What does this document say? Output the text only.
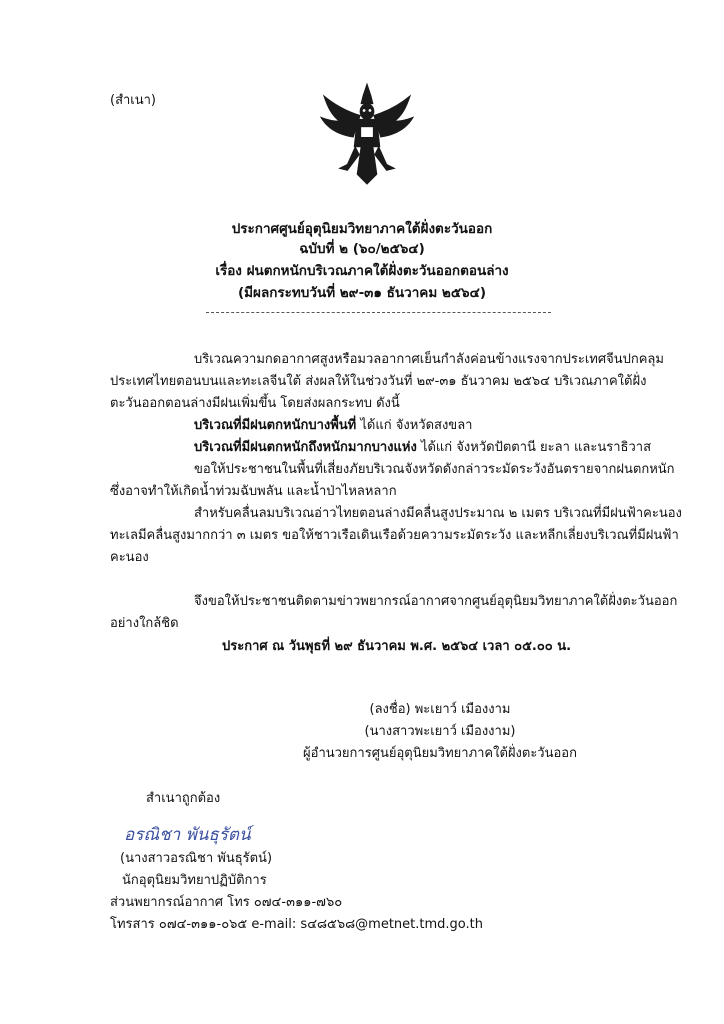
(สำเนา)
ประกาศศูนย์อุตุนิยมวิทยาภาคใต้ฝั่งตะวันออก
ฉบับที่ ๒ (๖๐/๒๕๖๔)
เรื่อง ฝนตกหนักบริเวณภาคใต้ฝั่งตะวันออกตอนล่าง
(มีผลกระทบวันที่ ๒๙-๓๑ ธันวาคม ๒๕๖๔)
บริเวณความกดอากาศสูงหรือมวลอากาศเย็นกำลังค่อนข้างแรงจากประเทศจีนปกคลุม
ประเทศไทยตอนบนและทะเลจีนใต้ ส่งผลให้ในช่วงวันที่ ๒๙-๓๑ ธันวาคม ๒๕๖๔ บริเวณภาคใต้ฝั่ง
ตะวันออกตอนล่างมีฝนเพิ่มขึ้น โดยส่งผลกระทบ ดังนี้
บริเวณที่มีฝนตกหนักบางพื้นที่ ได้แก่ จังหวัดสงขลา
บริเวณที่มีฝนตกหนักถึงหนักมากบางแห่ง ได้แก่ จังหวัดปัตตานี ยะลา และนราธิวาส
ขอให้ประชาชนในพื้นที่เสี่ยงภัยบริเวณจังหวัดดังกล่าวระมัดระวังอันตรายจากฝนตกหนัก
ซึ่งอาจทำให้เกิดน้ำท่วมฉับพลัน และน้ำป่าไหลหลาก
สำหรับคลื่นลมบริเวณอ่าวไทยตอนล่างมีคลื่นสูงประมาณ ๒ เมตร บริเวณที่มีฝนฟ้าคะนอง
ทะเลมีคลื่นสูงมากกว่า ๓ เมตร ขอให้ชาวเรือเดินเรือด้วยความระมัดระวัง และหลีกเลี่ยงบริเวณที่มีฝนฟ้า
คะนอง
จึงขอให้ประชาชนติดตามข่าวพยากรณ์อากาศจากศูนย์อุตุนิยมวิทยาภาคใต้ฝั่งตะวันออก
อย่างใกล้ชิด
ประกาศ ณ วันพุธที่ ๒๙ ธันวาคม พ.ศ. ๒๕๖๔ เวลา ๐๕.๐๐ น.
(ลงชื่อ) พะเยาว์ เมืองงาม
(นางสาวพะเยาว์ เมืองงาม)
ผู้อำนวยการศูนย์อุตุนิยมวิทยาภาคใต้ฝั่งตะวันออก
สำเนาถูกต้อง
อรณิชา พันธุรัตน์
(นางสาวอรณิชา พันธุรัตน์)
นักอุตุนิยมวิทยาปฏิบัติการ
ส่วนพยากรณ์อากาศ โทร ๐๗๔-๓๑๑-๗๖๐
โทรสาร ๐๗๔-๓๑๑-๐๖๕ e-mail: s๔๘๕๖๘@metnet.tmd.go.th
